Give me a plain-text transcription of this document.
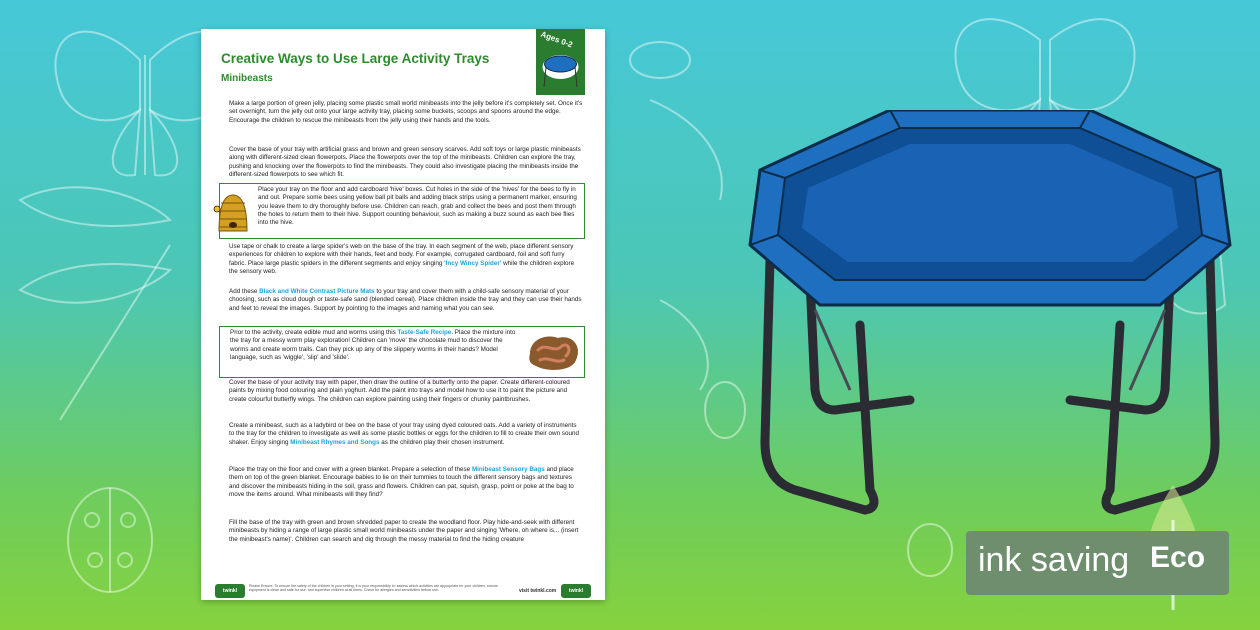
Creative Ways to Use Large Activity Trays
Minibeasts
Ages 0-2
Make a large portion of green jelly, placing some plastic small world minibeasts into the jelly before it's completely set. Once it's set overnight, turn the jelly out onto your large activity tray, placing some buckets, scoops and spoons around the edge. Encourage the children to rescue the minibeasts from the jelly using their hands and the tools.
Cover the base of your tray with artificial grass and brown and green sensory scarves. Add soft toys or large plastic minibeasts along with different-sized clean flowerpots. Place the flowerpots over the top of the minibeasts. Children can explore the tray, pushing and knocking over the flowerpots to find the minibeasts. They could also investigate placing the minibeasts inside the different-sized flowerpots to see which fit.
Place your tray on the floor and add cardboard 'hive' boxes. Cut holes in the side of the 'hives' for the bees to fly in and out. Prepare some bees using yellow ball pit balls and adding black strips using a permanent marker, ensuring you leave them to dry thoroughly before use. Children can reach, grab and collect the bees and post them through the holes to return them to their hive. Support counting behaviour, such as making a buzz sound as each bee flies into the hive.
Use tape or chalk to create a large spider's web on the base of the tray. In each segment of the web, place different sensory experiences for children to explore with their hands, feet and body. For example, corrugated cardboard, foil and soft furry fabric. Place large plastic spiders in the different segments and enjoy singing 'Incy Wincy Spider' while the children explore the sensory web.
Add these Black and White Contrast Picture Mats to your tray and cover them with a child-safe sensory material of your choosing, such as cloud dough or taste-safe sand (blended cereal). Place children inside the tray and they can use their hands and feet to reveal the images. Support by pointing to the images and naming what you can see.
Prior to the activity, create edible mud and worms using this Taste-Safe Recipe. Place the mixture into the tray for a messy worm play exploration! Children can 'move' the chocolate mud to discover the worms and create worm trails. Can they pick up any of the slippery worms in their hands? Model language, such as 'wiggle', 'slip' and 'slide'.
Cover the base of your activity tray with paper, then draw the outline of a butterfly onto the paper. Create different-coloured paints by mixing food colouring and plain yoghurt. Add the paint into trays and model how to use it to paint the picture and create colourful butterfly wings. The children can explore painting using their fingers or chunky paintbrushes.
Create a minibeast, such as a ladybird or bee on the base of your tray using dyed coloured oats. Add a variety of instruments to the tray for the children to investigate as well as some plastic bottles or eggs for the children to fill to create their own sound shaker. Enjoy singing Minibeast Rhymes and Songs as the children play their chosen instrument.
Place the tray on the floor and cover with a green blanket. Prepare a selection of these Minibeast Sensory Bags and place them on top of the green blanket. Encourage babies to lie on their tummies to touch the different sensory bags and textures and discover the minibeasts hiding in the soil, grass and flowers. Children can pat, squish, grasp, point or poke at the bag to move the items around. What minibeasts will they find?
Fill the base of the tray with green and brown shredded paper to create the woodland floor. Play hide-and-seek with different minibeasts by hiding a range of large plastic small world minibeasts under the paper and singing 'Where, oh where is... (insert the minibeast's name)'. Children can search and dig through the messy material to find the hiding creature
twinkl
Please Ensure: To ensure the safety of the children in your setting, it is your responsibility to: assess which activities are appropriate for your children, ensure equipment is clean and safe for use, and supervise children at all times. Check for allergies and sensitivities before use.	visit twinkl.com	twinkl
ink saving Eco
